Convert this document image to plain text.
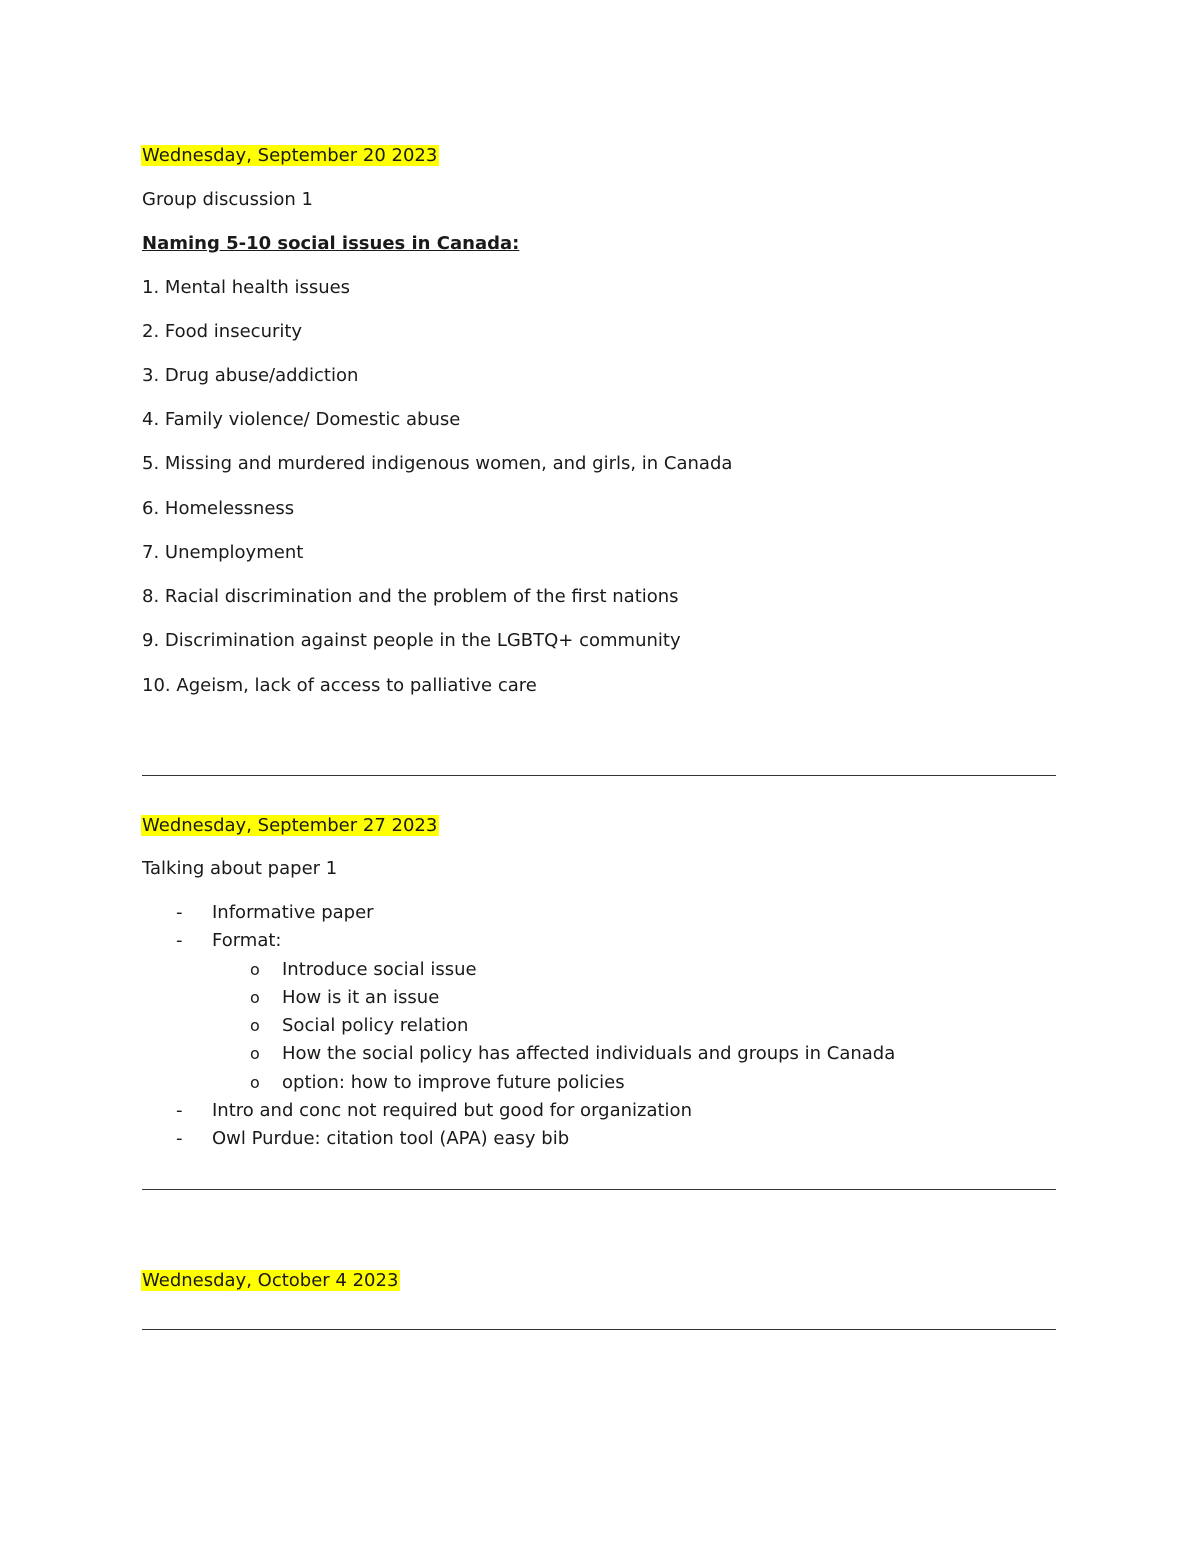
Wednesday, September 20 2023
Group discussion 1
Naming 5-10 social issues in Canada:
1. Mental health issues
2. Food insecurity
3. Drug abuse/addiction
4. Family violence/ Domestic abuse
5. Missing and murdered indigenous women, and girls, in Canada
6. Homelessness
7. Unemployment
8. Racial discrimination and the problem of the first nations
9. Discrimination against people in the LGBTQ+ community
10. Ageism, lack of access to palliative care
Wednesday, September 27 2023
Talking about paper 1
- Informative paper
- Format:
o Introduce social issue
o How is it an issue
o Social policy relation
o How the social policy has affected individuals and groups in Canada
o option: how to improve future policies
- Intro and conc not required but good for organization
- Owl Purdue: citation tool (APA) easy bib
Wednesday, October 4 2023
